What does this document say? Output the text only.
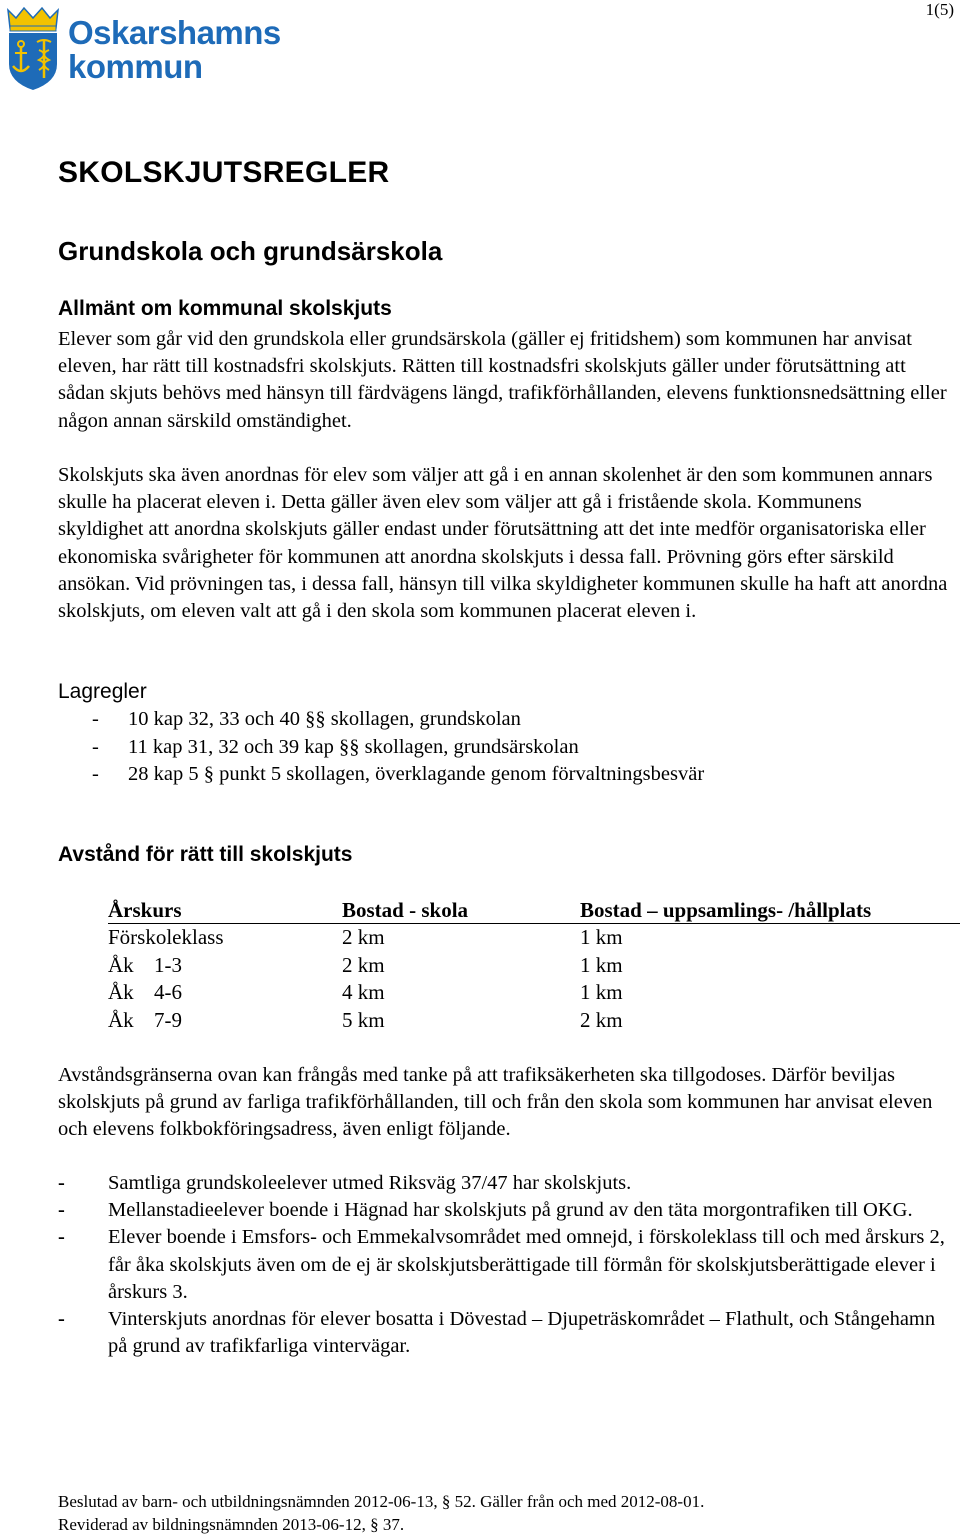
1(5)
Oskarshamns
kommun
SKOLSKJUTSREGLER
Grundskola och grundsärskola
Allmänt om kommunal skolskjuts

Elever som går vid den grundskola eller grundsärskola (gäller ej fritidshem) som kommunen har anvisat eleven, har rätt till kostnadsfri skolskjuts. Rätten till kostnadsfri skolskjuts gäller under förutsättning att sådan skjuts behövs med hänsyn till färdvägens längd, trafikförhållanden, elevens funktionsnedsättning eller någon annan särskild omständighet.

Skolskjuts ska även anordnas för elev som väljer att gå i en annan skolenhet är den som kommunen annars skulle ha placerat eleven i. Detta gäller även elev som väljer att gå i fristående skola. Kommunens skyldighet att anordna skolskjuts gäller endast under förutsättning att det inte medför organisatoriska eller ekonomiska svårigheter för kommunen att anordna skolskjuts i dessa fall. Prövning görs efter särskild ansökan. Vid prövningen tas, i dessa fall, hänsyn till vilka skyldigheter kommunen skulle ha haft att anordna skolskjuts, om eleven valt att gå i den skola som kommunen placerat eleven i.

Lagregler
- 10 kap 32, 33 och 40 §§ skollagen, grundskolan
- 11 kap 31, 32 och 39 kap §§ skollagen, grundsärskolan
- 28 kap 5 § punkt 5 skollagen, överklagande genom förvaltningsbesvär
Avstånd för rätt till skolskjuts
Årskurs	Bostad - skola	Bostad – uppsamlings- /hållplats
Förskoleklass	2 km	1 km
Åk 1-3	2 km	1 km
Åk 4-6	4 km	1 km
Åk 7-9	5 km	2 km

Avståndsgränserna ovan kan frångås med tanke på att trafiksäkerheten ska tillgodoses. Därför beviljas skolskjuts på grund av farliga trafikförhållanden, till och från den skola som kommunen har anvisat eleven och elevens folkbokföringsadress, även enligt följande.

- Samtliga grundskoleelever utmed Riksväg 37/47 har skolskjuts.
- Mellanstadieelever boende i Hägnad har skolskjuts på grund av den täta morgontrafiken till OKG.
- Elever boende i Emsfors- och Emmekalvsområdet med omnejd, i förskoleklass till och med årskurs 2, får åka skolskjuts även om de ej är skolskjutsberättigade till förmån för skolskjutsberättigade elever i årskurs 3.
- Vinterskjuts anordnas för elever bosatta i Dövestad – Djupeträskområdet – Flathult, och Stångehamn på grund av trafikfarliga vintervägar.
Beslutad av barn- och utbildningsnämnden 2012-06-13, § 52. Gäller från och med 2012-08-01.
Reviderad av bildningsnämnden 2013-06-12, § 37.
